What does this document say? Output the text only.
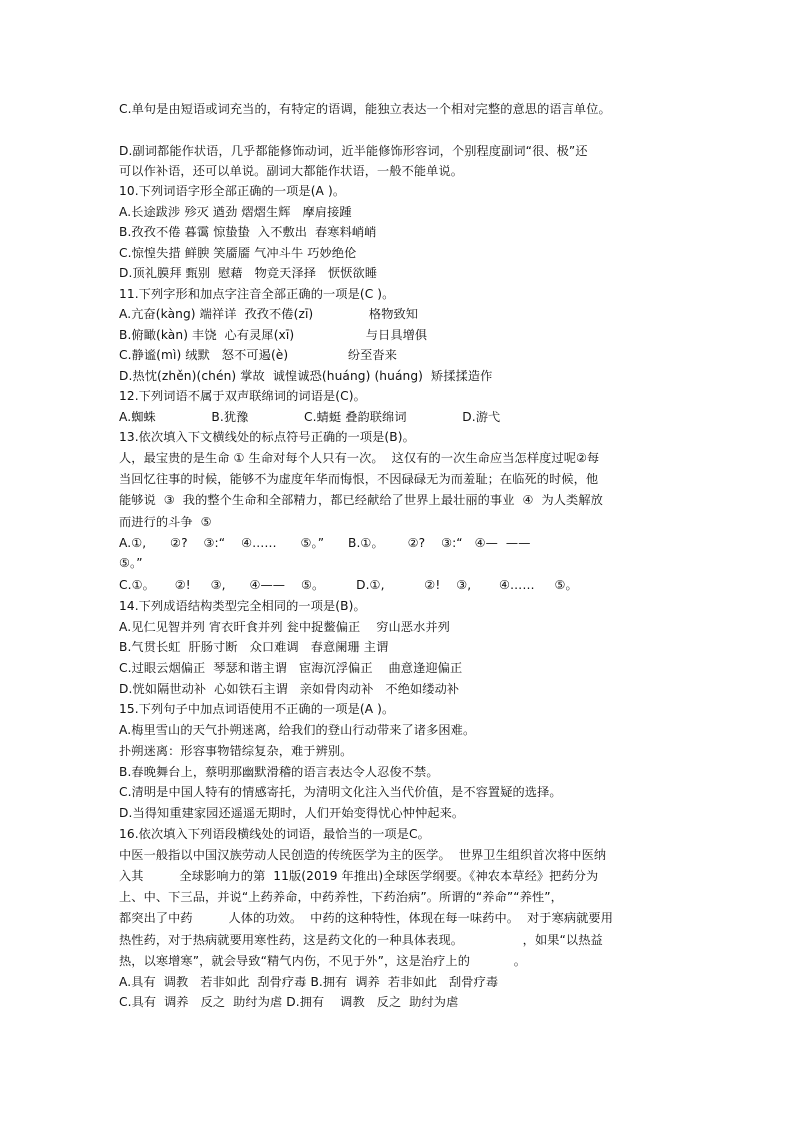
C.单句是由短语或词充当的，有特定的语调，能独立表达一个相对完整的意思的语言单位。
D.副词都能作状语，几乎都能修饰动词，近半能修饰形容词，个别程度副词“很、极”还
可以作补语，还可以单说。副词大都能作状语，一般不能单说。
10.下列词语字形全部正确的一项是(A )。
A.长途跋涉 殄灭 遒劲 熠熠生辉   摩肩接踵
B.孜孜不倦 暮霭 惊蛰蛰  入不敷出  春寒料峭峭
C.惊惶失措 鲜腴 笑靥靥 气冲斗牛 巧妙绝伦
D.顶礼膜拜 甄别  慰藉   物竞天泽择   恹恹欲睡
11.下列字形和加点字注音全部正确的一项是(C )。
A.亢奋(kàng) 端祥详  孜孜不倦(zī)              格物致知
B.俯瞰(kàn) 丰饶  心有灵犀(xī)                  与日具增俱
C.静谧(mì) 绒默   怒不可遏(è)               纷至沓来
D.热忱(zhěn)(chén) 掌故  诚惶诚恐(huáng) (huáng)  矫揉揉造作
12.下列词语不属于双声联绵词的词语是(C)。
A.蜘蛛              B.犹豫              C.蜻蜓 叠韵联绵词              D.游弋
13.依次填入下文横线处的标点符号正确的一项是(B)。
人，最宝贵的是生命 ① 生命对每个人只有一次。  这仅有的一次生命应当怎样度过呢②每
当回忆往事的时候，能够不为虚度年华而悔恨，不因碌碌无为而羞耻；在临死的时候，他
能够说  ③  我的整个生命和全部精力，都已经献给了世界上最壮丽的事业  ④  为人类解放
而进行的斗争  ⑤
A.①,      ②?    ③:“    ④……      ⑤。”      B.①。      ②?    ③:“   ④—  ——
⑤。”
C.①。     ②!     ③,      ④——    ⑤。        D.①,          ②!    ③,       ④……     ⑤。
14.下列成语结构类型完全相同的一项是(B)。
A.见仁见智并列 宵衣旰食并列 瓮中捉鳖偏正    穷山恶水并列
B.气贯长虹  肝肠寸断   众口难调   春意阑珊 主谓
C.过眼云烟偏正  琴瑟和谐主谓   宦海沉浮偏正    曲意逢迎偏正
D.恍如隔世动补  心如铁石主谓   亲如骨肉动补   不绝如缕动补
15.下列句子中加点词语使用不正确的一项是(A )。
A.梅里雪山的天气扑朔迷离，给我们的登山行动带来了诸多困难。
扑朔迷离：形容事物错综复杂，难于辨别。
B.春晚舞台上，蔡明那幽默滑稽的语言表达令人忍俊不禁。
C.清明是中国人特有的情感寄托，为清明文化注入当代价值，是不容置疑的选择。
D.当得知重建家园还遥遥无期时，人们开始变得忧心忡忡起来。
16.依次填入下列语段横线处的词语，最恰当的一项是C。
中医一般指以中国汉族劳动人民创造的传统医学为主的医学。  世界卫生组织首次将中医纳
入其         全球影响力的第  11版(2019 年推出)全球医学纲要。《神农本草经》把药分为
上、中、下三品，并说“上药养命，中药养性，下药治病”。所谓的“养命”“养性”，
都突出了中药         人体的功效。  中药的这种特性，体现在每一味药中。  对于寒病就要用
热性药，对于热病就要用寒性药，这是药文化的一种具体表现。               ，如果“以热益
热，以寒增寒”，就会导致“精气内伤，不见于外”，这是治疗上的           。
A.具有  调教   若非如此  刮骨疗毒 B.拥有  调养  若非如此   刮骨疗毒
C.具有  调养   反之  助纣为虐 D.拥有    调教   反之  助纣为虐
